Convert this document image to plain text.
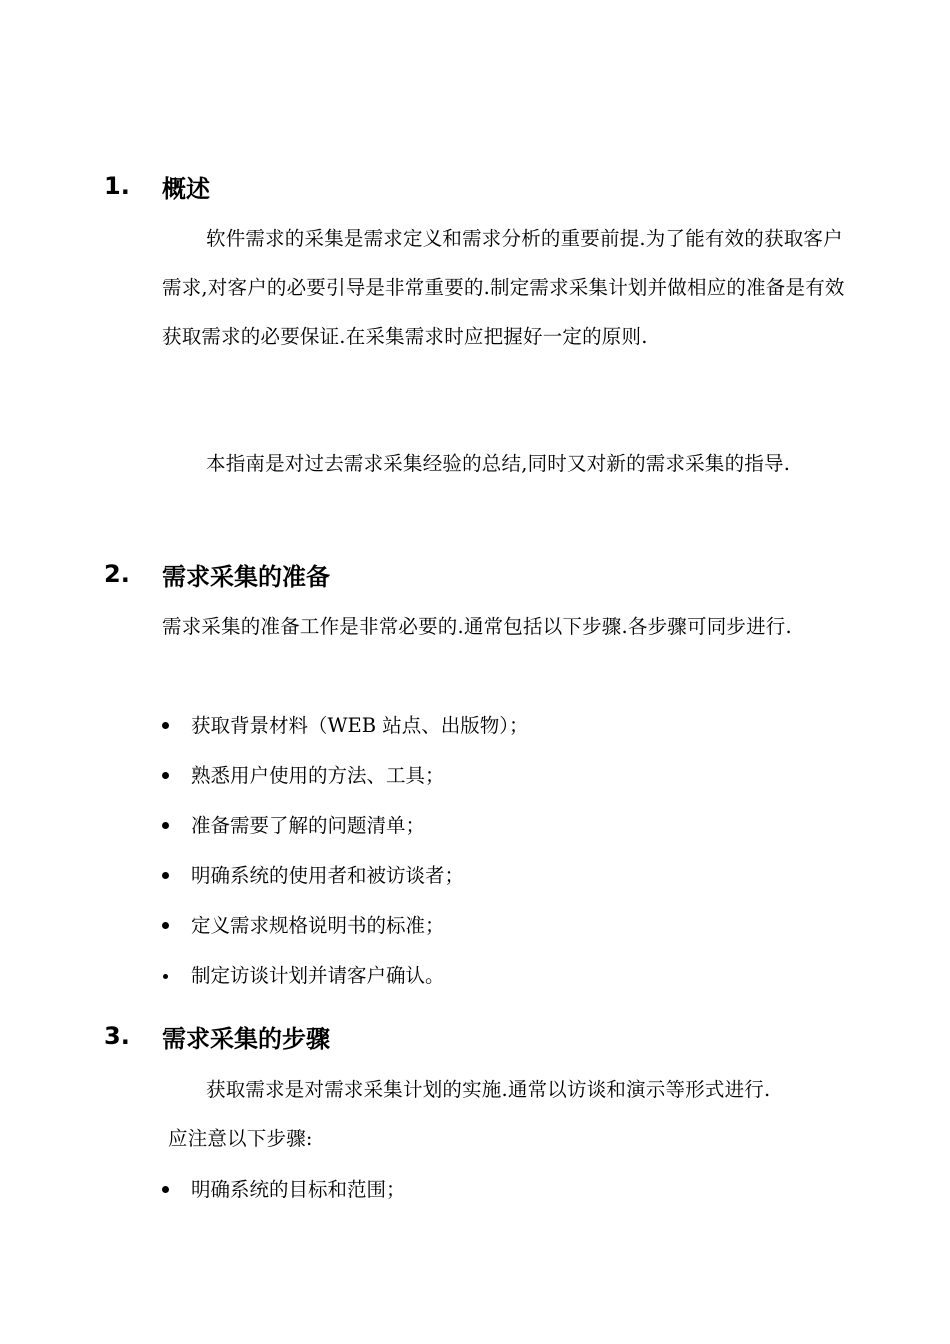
1.	概述

软件需求的采集是需求定义和需求分析的重要前提.为了能有效的获取客户需求,对客户的必要引导是非常重要的.制定需求采集计划并做相应的准备是有效获取需求的必要保证.在采集需求时应把握好一定的原则.

本指南是对过去需求采集经验的总结,同时又对新的需求采集的指导.

2.	需求采集的准备

需求采集的准备工作是非常必要的.通常包括以下步骤.各步骤可同步进行.

获取背景材料（WEB 站点、出版物）；
熟悉用户使用的方法、工具；
准备需要了解的问题清单；
明确系统的使用者和被访谈者；
定义需求规格说明书的标准；
制定访谈计划并请客户确认。
3.	需求采集的步骤

获取需求是对需求采集计划的实施.通常以访谈和演示等形式进行.

应注意以下步骤:

明确系统的目标和范围；
